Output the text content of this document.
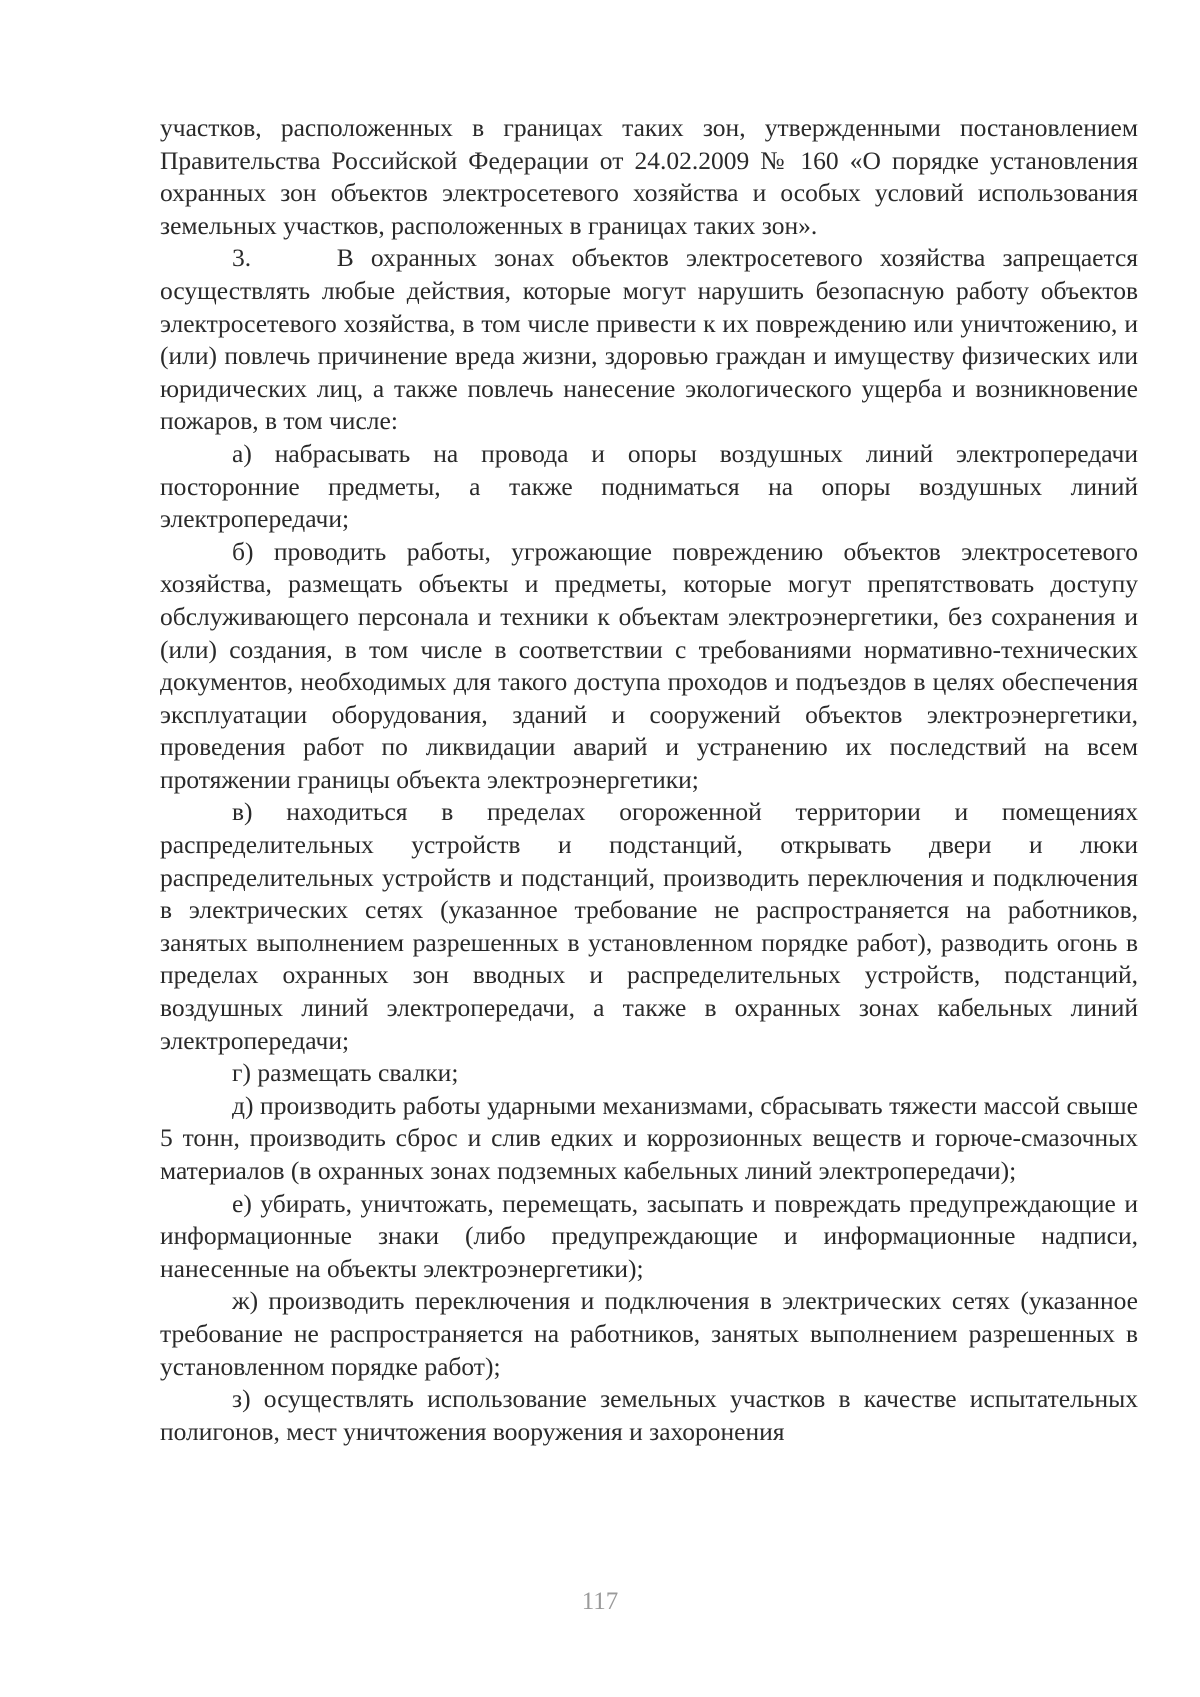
участков, расположенных в границах таких зон, утвержденными постановлением Правительства Российской Федерации от 24.02.2009 № 160 «О порядке установления охранных зон объектов электросетевого хозяйства и особых условий использования земельных участков, расположенных в границах таких зон».

3.     В охранных зонах объектов электросетевого хозяйства запрещается осуществлять любые действия, которые могут нарушить безопасную работу объектов электросетевого хозяйства, в том числе привести к их повреждению или уничтожению, и (или) повлечь причинение вреда жизни, здоровью граждан и имуществу физических или юридических лиц, а также повлечь нанесение экологического ущерба и возникновение пожаров, в том числе:

а) набрасывать на провода и опоры воздушных линий электропередачи посторонние предметы, а также подниматься на опоры воздушных линий электропередачи;

б) проводить работы, угрожающие повреждению объектов электросетевого хозяйства, размещать объекты и предметы, которые могут препятствовать доступу обслуживающего персонала и техники к объектам электроэнергетики, без сохранения и (или) создания, в том числе в соответствии с требованиями нормативно-технических документов, необходимых для такого доступа проходов и подъездов в целях обеспечения эксплуатации оборудования, зданий и сооружений объектов электроэнергетики, проведения работ по ликвидации аварий и устранению их последствий на всем протяжении границы объекта электроэнергетики;

в) находиться в пределах огороженной территории и помещениях распределительных устройств и подстанций, открывать двери и люки распределительных устройств и подстанций, производить переключения и подключения в электрических сетях (указанное требование не распространяется на работников, занятых выполнением разрешенных в установленном порядке работ), разводить огонь в пределах охранных зон вводных и распределительных устройств, подстанций, воздушных линий электропередачи, а также в охранных зонах кабельных линий электропередачи;

г) размещать свалки;

д) производить работы ударными механизмами, сбрасывать тяжести массой свыше 5 тонн, производить сброс и слив едких и коррозионных веществ и горюче-смазочных материалов (в охранных зонах подземных кабельных линий электропередачи);

е) убирать, уничтожать, перемещать, засыпать и повреждать предупреждающие и информационные знаки (либо предупреждающие и информационные надписи, нанесенные на объекты электроэнергетики);

ж) производить переключения и подключения в электрических сетях (указанное требование не распространяется на работников, занятых выполнением разрешенных в установленном порядке работ);

з) осуществлять использование земельных участков в качестве испытательных полигонов, мест уничтожения вооружения и захоронения

117
